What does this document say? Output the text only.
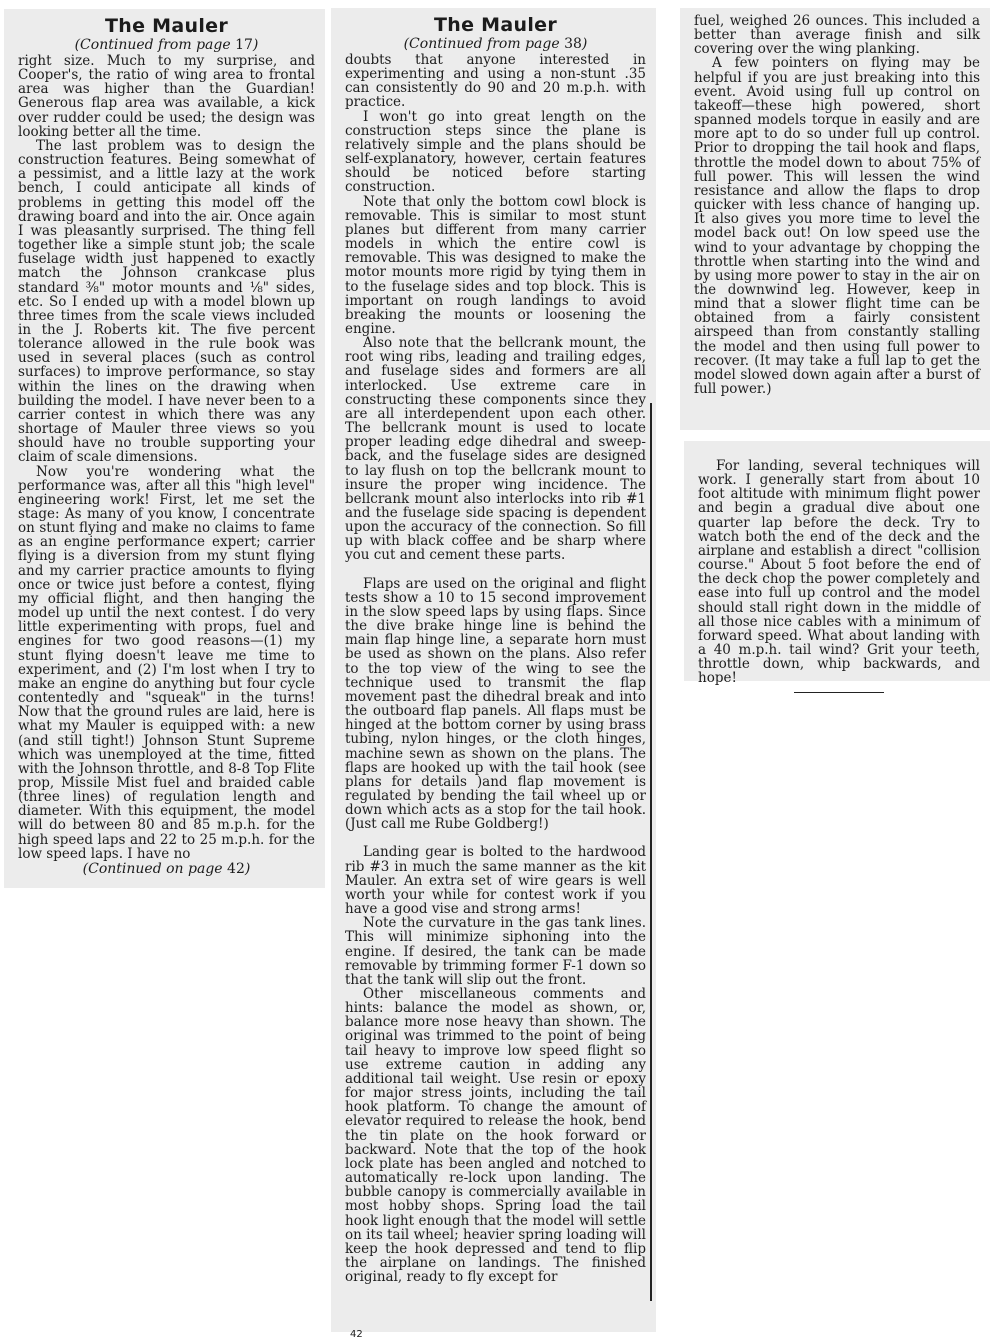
The Mauler
(Continued from page 17)

right size. Much to my surprise, and Cooper's, the ratio of wing area to frontal area was higher than the Guardian! Generous flap area was available, a kick over rudder could be used; the design was looking better all the time.

The last problem was to design the construction features. Being somewhat of a pessimist, and a little lazy at the work bench, I could anticipate all kinds of problems in getting this model off the drawing board and into the air. Once again I was pleasantly surprised. The thing fell together like a simple stunt job; the scale fuselage width just happened to exactly match the Johnson crankcase plus standard ⅜" motor mounts and ⅛" sides, etc. So I ended up with a model blown up three times from the scale views included in the J. Roberts kit. The five percent tolerance allowed in the rule book was used in several places (such as control surfaces) to improve performance, so stay within the lines on the drawing when building the model. I have never been to a carrier contest in which there was any shortage of Mauler three views so you should have no trouble supporting your claim of scale dimensions.

Now you're wondering what the performance was, after all this "high level" engineering work! First, let me set the stage: As many of you know, I concentrate on stunt flying and make no claims to fame as an engine performance expert; carrier flying is a diversion from my stunt flying and my carrier practice amounts to flying once or twice just before a contest, flying my official flight, and then hanging the model up until the next contest. I do very little experimenting with props, fuel and engines for two good reasons—(1) my stunt flying doesn't leave me time to experiment, and (2) I'm lost when I try to make an engine do anything but four cycle contentedly and "squeak" in the turns! Now that the ground rules are laid, here is what my Mauler is equipped with: a new (and still tight!) Johnson Stunt Supreme which was unemployed at the time, fitted with the Johnson throttle, and 8-8 Top Flite prop, Missile Mist fuel and braided cable (three lines) of regulation length and diameter. With this equipment, the model will do between 80 and 85 m.p.h. for the high speed laps and 22 to 25 m.p.h. for the low speed laps. I have no

(Continued on page 42)
The Mauler
(Continued from page 38)

doubts that anyone interested in experimenting and using a non-stunt .35 can consistently do 90 and 20 m.p.h. with practice.

I won't go into great length on the construction steps since the plane is relatively simple and the plans should be self-explanatory, however, certain features should be noticed before starting construction.

Note that only the bottom cowl block is removable. This is similar to most stunt planes but different from many carrier models in which the entire cowl is removable. This was designed to make the motor mounts more rigid by tying them in to the fuselage sides and top block. This is important on rough landings to avoid breaking the mounts or loosening the engine.

Also note that the bellcrank mount, the root wing ribs, leading and trailing edges, and fuselage sides and formers are all interlocked. Use extreme care in constructing these components since they are all interdependent upon each other. The bellcrank mount is used to locate proper leading edge dihedral and sweep-back, and the fuselage sides are designed to lay flush on top the bellcrank mount to insure the proper wing incidence. The bellcrank mount also interlocks into rib #1 and the fuselage side spacing is dependent upon the accuracy of the connection. So fill up with black coffee and be sharp where you cut and cement these parts.

Flaps are used on the original and flight tests show a 10 to 15 second improvement in the slow speed laps by using flaps. Since the dive brake hinge line is behind the main flap hinge line, a separate horn must be used as shown on the plans. Also refer to the top view of the wing to see the technique used to transmit the flap movement past the dihedral break and into the outboard flap panels. All flaps must be hinged at the bottom corner by using brass tubing, nylon hinges, or the cloth hinges, machine sewn as shown on the plans. The flaps are hooked up with the tail hook (see plans for details )and flap movement is regulated by bending the tail wheel up or down which acts as a stop for the tail hook. (Just call me Rube Goldberg!)

Landing gear is bolted to the hardwood rib #3 in much the same manner as the kit Mauler. An extra set of wire gears is well worth your while for contest work if you have a good vise and strong arms!

Note the curvature in the gas tank lines. This will minimize siphoning into the engine. If desired, the tank can be made removable by trimming former F-1 down so that the tank will slip out the front.

Other miscellaneous comments and hints: balance the model as shown, or, balance more nose heavy than shown. The original was trimmed to the point of being tail heavy to improve low speed flight so use extreme caution in adding any additional tail weight. Use resin or epoxy for major stress joints, including the tail hook platform. To change the amount of elevator required to release the hook, bend the tin plate on the hook forward or backward. Note that the top of the hook lock plate has been angled and notched to automatically re-lock upon landing. The bubble canopy is commercially available in most hobby shops. Spring load the tail hook light enough that the model will settle on its tail wheel; heavier spring loading will keep the hook depressed and tend to flip the airplane on landings. The finished original, ready to fly except for

fuel, weighed 26 ounces. This included a better than average finish and silk covering over the wing planking.

A few pointers on flying may be helpful if you are just breaking into this event. Avoid using full up control on takeoff—these high powered, short spanned models torque in easily and are more apt to do so under full up control. Prior to dropping the tail hook and flaps, throttle the model down to about 75% of full power. This will lessen the wind resistance and allow the flaps to drop quicker with less chance of hanging up. It also gives you more time to level the model back out! On low speed use the wind to your advantage by chopping the throttle when starting into the wind and by using more power to stay in the air on the downwind leg. However, keep in mind that a slower flight time can be obtained from a fairly consistent airspeed than from constantly stalling the model and then using full power to recover. (It may take a full lap to get the model slowed down again after a burst of full power.)

For landing, several techniques will work. I generally start from about 10 foot altitude with minimum flight power and begin a gradual dive about one quarter lap before the deck. Try to watch both the end of the deck and the airplane and establish a direct "collision course." About 5 foot before the end of the deck chop the power completely and ease into full up control and the model should stall right down in the middle of all those nice cables with a minimum of forward speed. What about landing with a 40 m.p.h. tail wind? Grit your teeth, throttle down, whip backwards, and hope!

42
